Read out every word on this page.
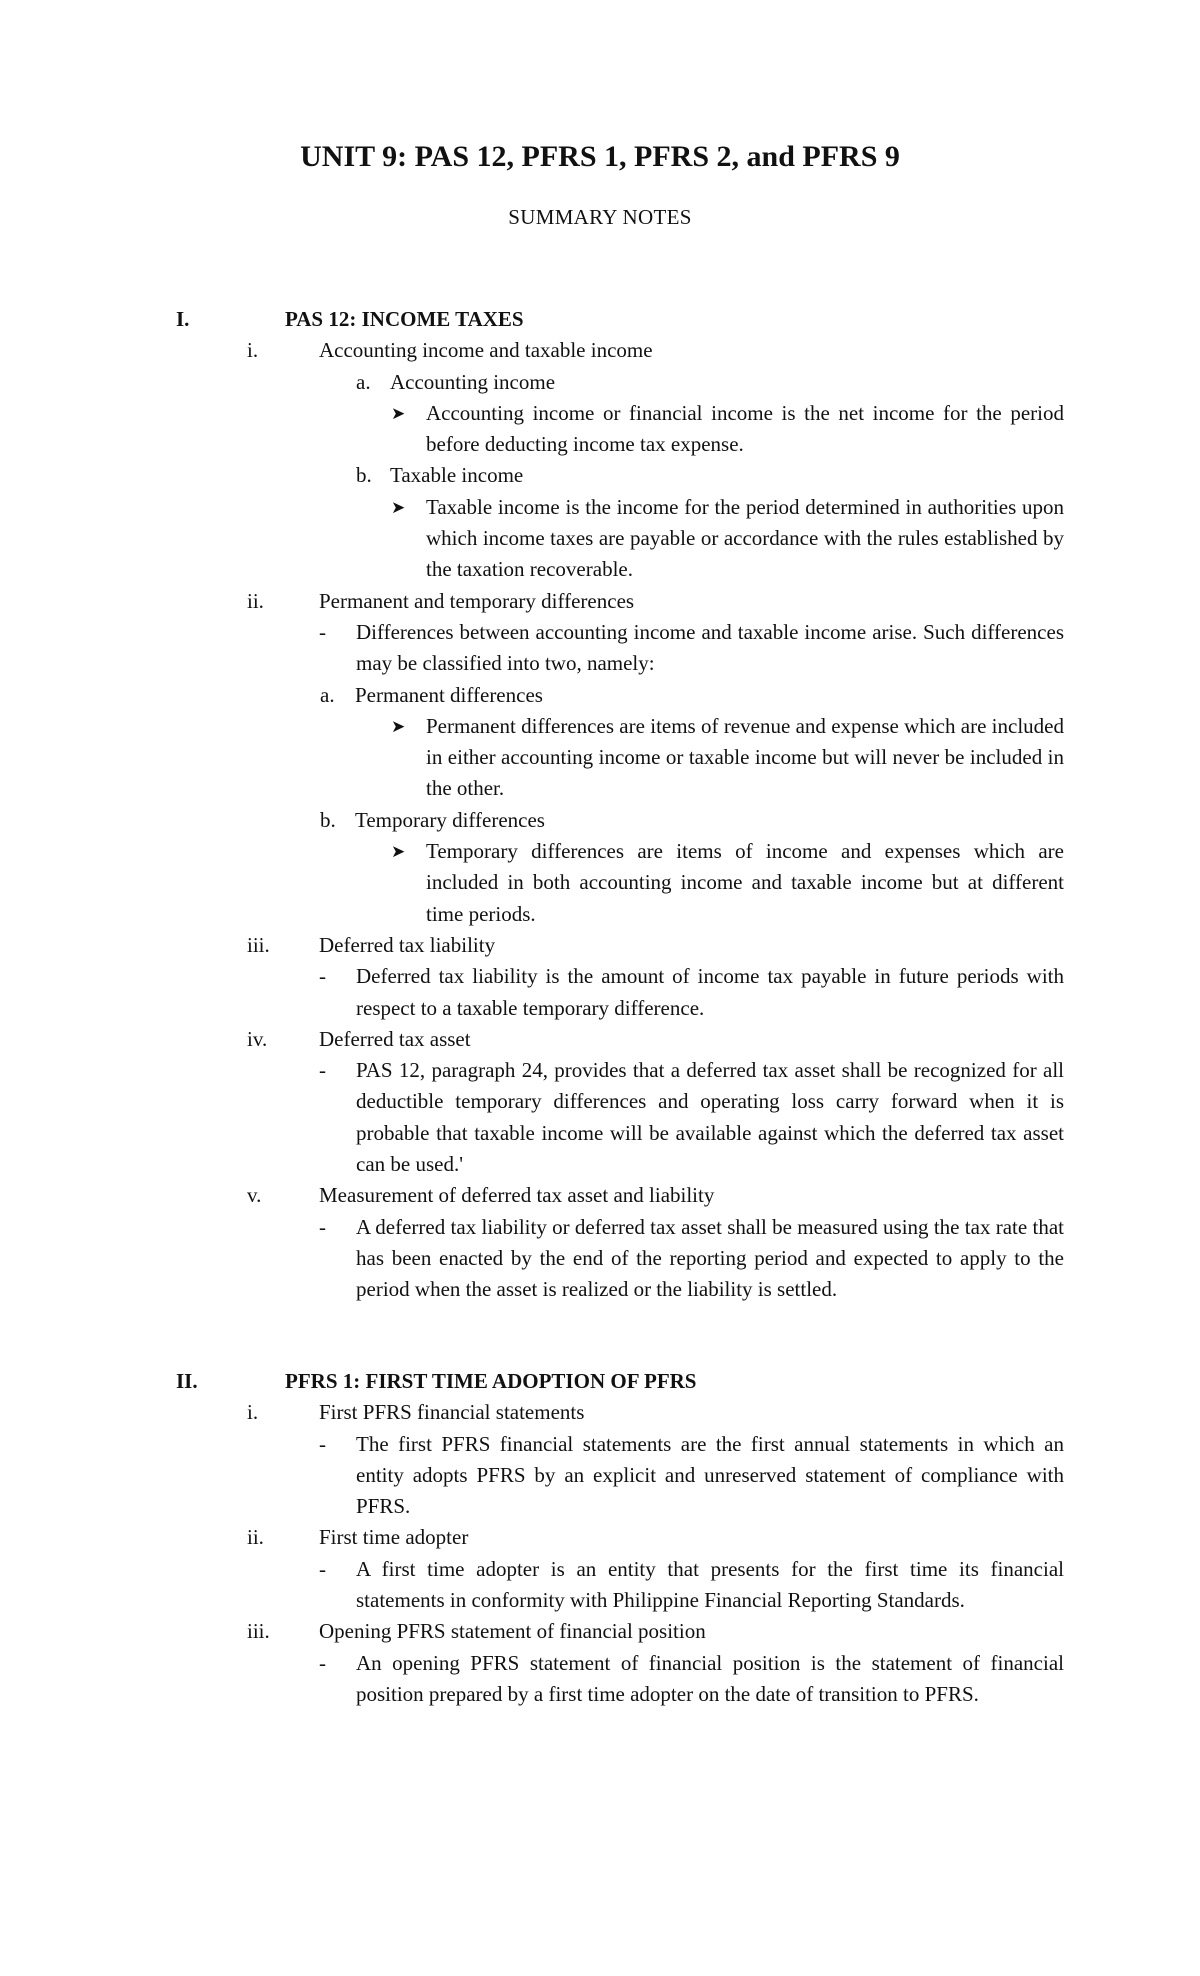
UNIT 9: PAS 12, PFRS 1, PFRS 2, and PFRS 9
SUMMARY NOTES
I.	PAS 12: INCOME TAXES
i.	Accounting income and taxable income
a. Accounting income
➤ Accounting income or financial income is the net income for the period before deducting income tax expense.

b. Taxable income
➤ Taxable income is the income for the period determined in authorities upon which income taxes are payable or accordance with the rules established by the taxation recoverable.

ii.	Permanent and temporary differences
- Differences between accounting income and taxable income arise. Such differences may be classified into two, namely:

a. Permanent differences
➤ Permanent differences are items of revenue and expense which are included in either accounting income or taxable income but will never be included in the other.

b. Temporary differences
➤ Temporary differences are items of income and expenses which are included in both accounting income and taxable income but at different time periods.

iii. Deferred tax liability
- Deferred tax liability is the amount of income tax payable in future periods with respect to a taxable temporary difference.

iv. Deferred tax asset
- PAS 12, paragraph 24, provides that a deferred tax asset shall be recognized for all deductible temporary differences and operating loss carry forward when it is probable that taxable income will be available against which the deferred tax asset can be used.'

v.	Measurement of deferred tax asset and liability
- A deferred tax liability or deferred tax asset shall be measured using the tax rate that has been enacted by the end of the reporting period and expected to apply to the period when the asset is realized or the liability is settled.

II.	PFRS 1: FIRST TIME ADOPTION OF PFRS
i.	First PFRS financial statements
- The first PFRS financial statements are the first annual statements in which an entity adopts PFRS by an explicit and unreserved statement of compliance with PFRS.

ii.	First time adopter
- A first time adopter is an entity that presents for the first time its financial statements in conformity with Philippine Financial Reporting Standards.

iii. Opening PFRS statement of financial position
- An opening PFRS statement of financial position is the statement of financial position prepared by a first time adopter on the date of transition to PFRS.
